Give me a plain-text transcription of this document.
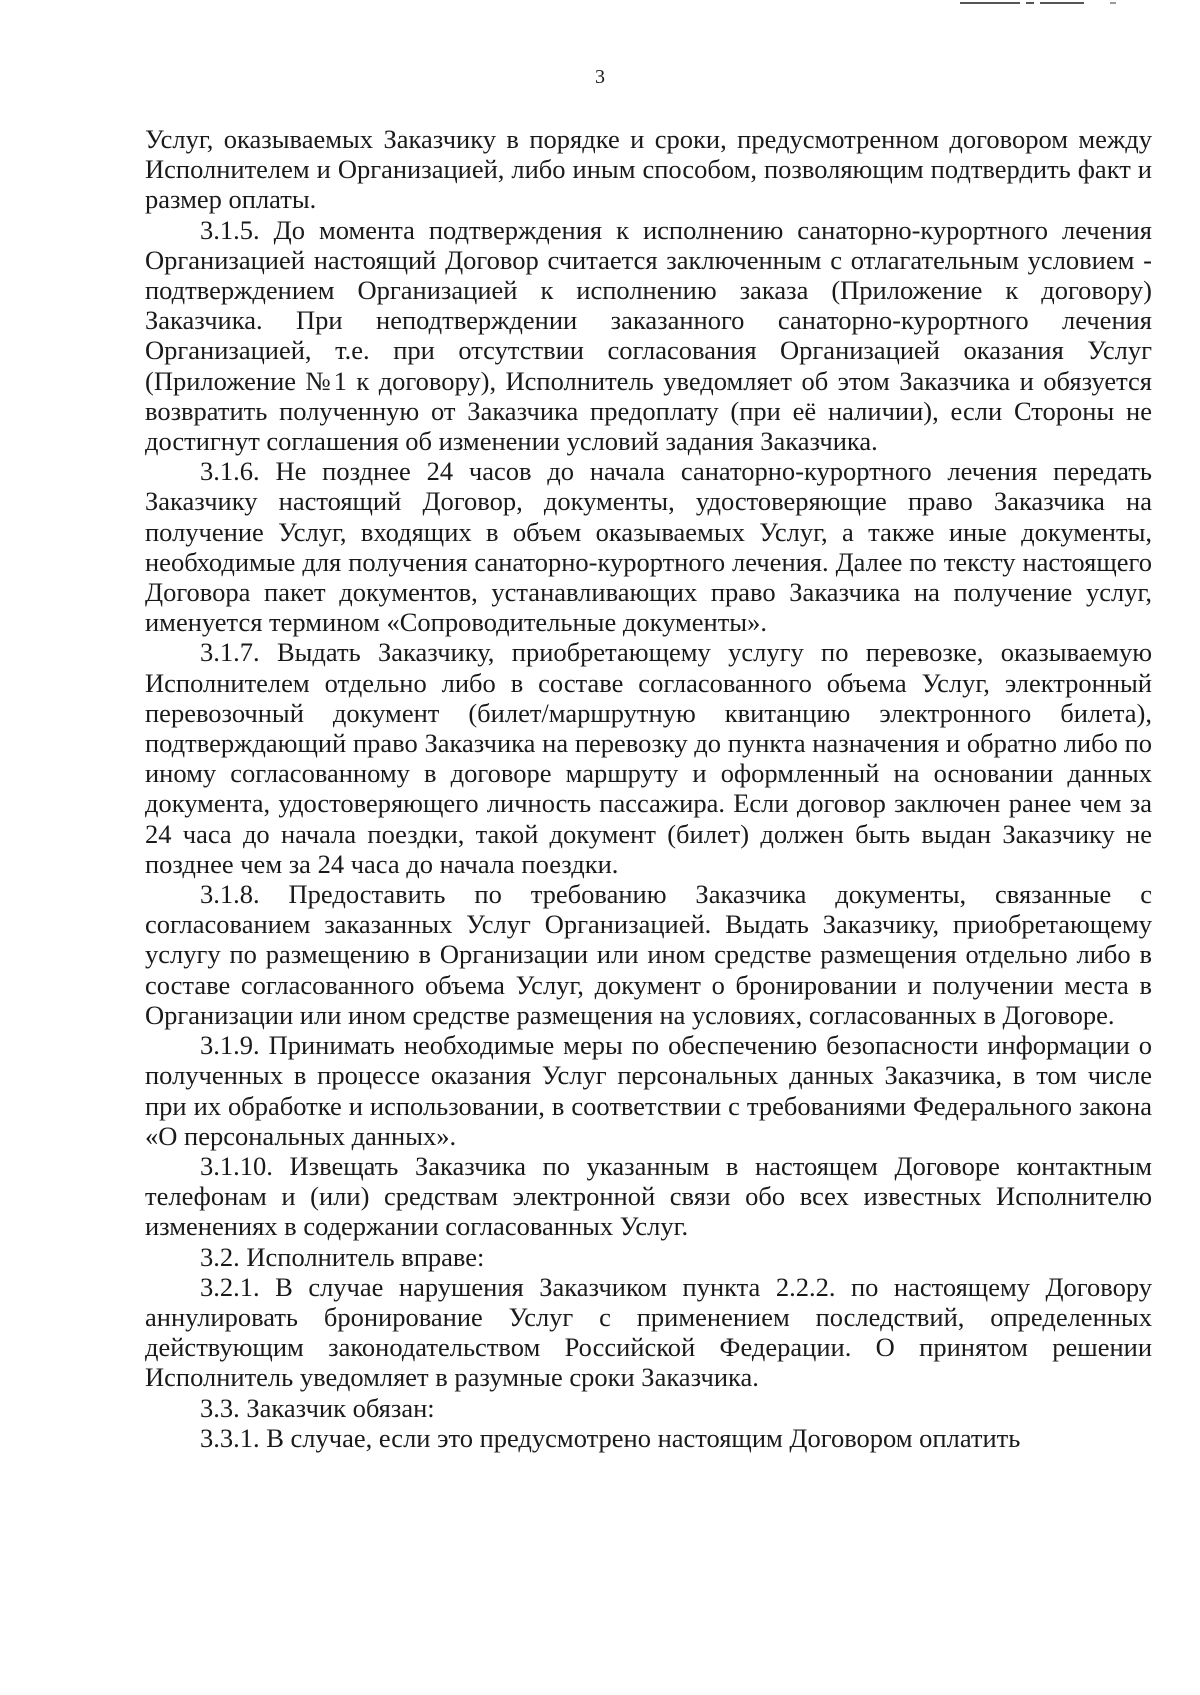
3

Услуг, оказываемых Заказчику в порядке и сроки, предусмотренном договором между Исполнителем и Организацией, либо иным способом, позволяющим подтвердить факт и размер оплаты.

3.1.5. До момента подтверждения к исполнению санаторно-курортного лечения Организацией настоящий Договор считается заключенным с отлагательным условием - подтверждением Организацией к исполнению заказа (Приложение к договору) Заказчика. При неподтверждении заказанного санаторно-курортного лечения Организацией, т.е. при отсутствии согласования Организацией оказания Услуг (Приложение №1 к договору), Исполнитель уведомляет об этом Заказчика и обязуется возвратить полученную от Заказчика предоплату (при её наличии), если Стороны не достигнут соглашения об изменении условий задания Заказчика.

3.1.6. Не позднее 24 часов до начала санаторно-курортного лечения передать Заказчику настоящий Договор, документы, удостоверяющие право Заказчика на получение Услуг, входящих в объем оказываемых Услуг, а также иные документы, необходимые для получения санаторно-курортного лечения. Далее по тексту настоящего Договора пакет документов, устанавливающих право Заказчика на получение услуг, именуется термином «Сопроводительные документы».

3.1.7. Выдать Заказчику, приобретающему услугу по перевозке, оказываемую Исполнителем отдельно либо в составе согласованного объема Услуг, электронный перевозочный документ (билет/маршрутную квитанцию электронного билета), подтверждающий право Заказчика на перевозку до пункта назначения и обратно либо по иному согласованному в договоре маршруту и оформленный на основании данных документа, удостоверяющего личность пассажира. Если договор заключен ранее чем за 24 часа до начала поездки, такой документ (билет) должен быть выдан Заказчику не позднее чем за 24 часа до начала поездки.

3.1.8. Предоставить по требованию Заказчика документы, связанные с согласованием заказанных Услуг Организацией. Выдать Заказчику, приобретающему услугу по размещению в Организации или ином средстве размещения отдельно либо в составе согласованного объема Услуг, документ о бронировании и получении места в Организации или ином средстве размещения на условиях, согласованных в Договоре.

3.1.9. Принимать необходимые меры по обеспечению безопасности информации о полученных в процессе оказания Услуг персональных данных Заказчика, в том числе при их обработке и использовании, в соответствии с требованиями Федерального закона «О персональных данных».

3.1.10. Извещать Заказчика по указанным в настоящем Договоре контактным телефонам и (или) средствам электронной связи обо всех известных Исполнителю изменениях в содержании согласованных Услуг.

3.2. Исполнитель вправе:

3.2.1. В случае нарушения Заказчиком пункта 2.2.2. по настоящему Договору аннулировать бронирование Услуг с применением последствий, определенных действующим законодательством Российской Федерации. О принятом решении Исполнитель уведомляет в разумные сроки Заказчика.

3.3. Заказчик обязан:

3.3.1. В случае, если это предусмотрено настоящим Договором оплатить
